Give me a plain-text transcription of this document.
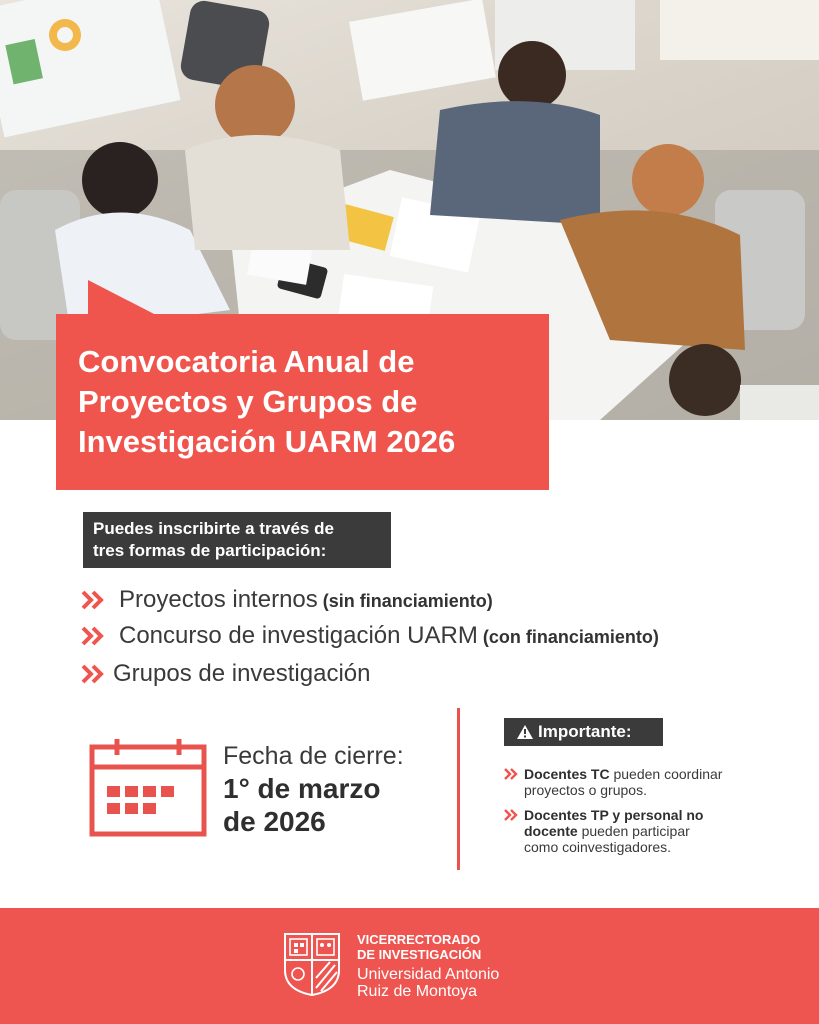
Convocatoria Anual de
Proyectos y Grupos de
Investigación UARM 2026
Puedes inscribirte a través de
tres formas de participación:
Proyectos internos (sin financiamiento)
Concurso de investigación UARM (con financiamiento)
Grupos de investigación
Fecha de cierre:
1° de marzo
de 2026
Importante:
Docentes TC pueden coordinar
proyectos o grupos.
Docentes TP y personal no
docente pueden participar
como coinvestigadores.
VICERRECTORADO
DE INVESTIGACIÓN
Universidad Antonio
Ruiz de Montoya
